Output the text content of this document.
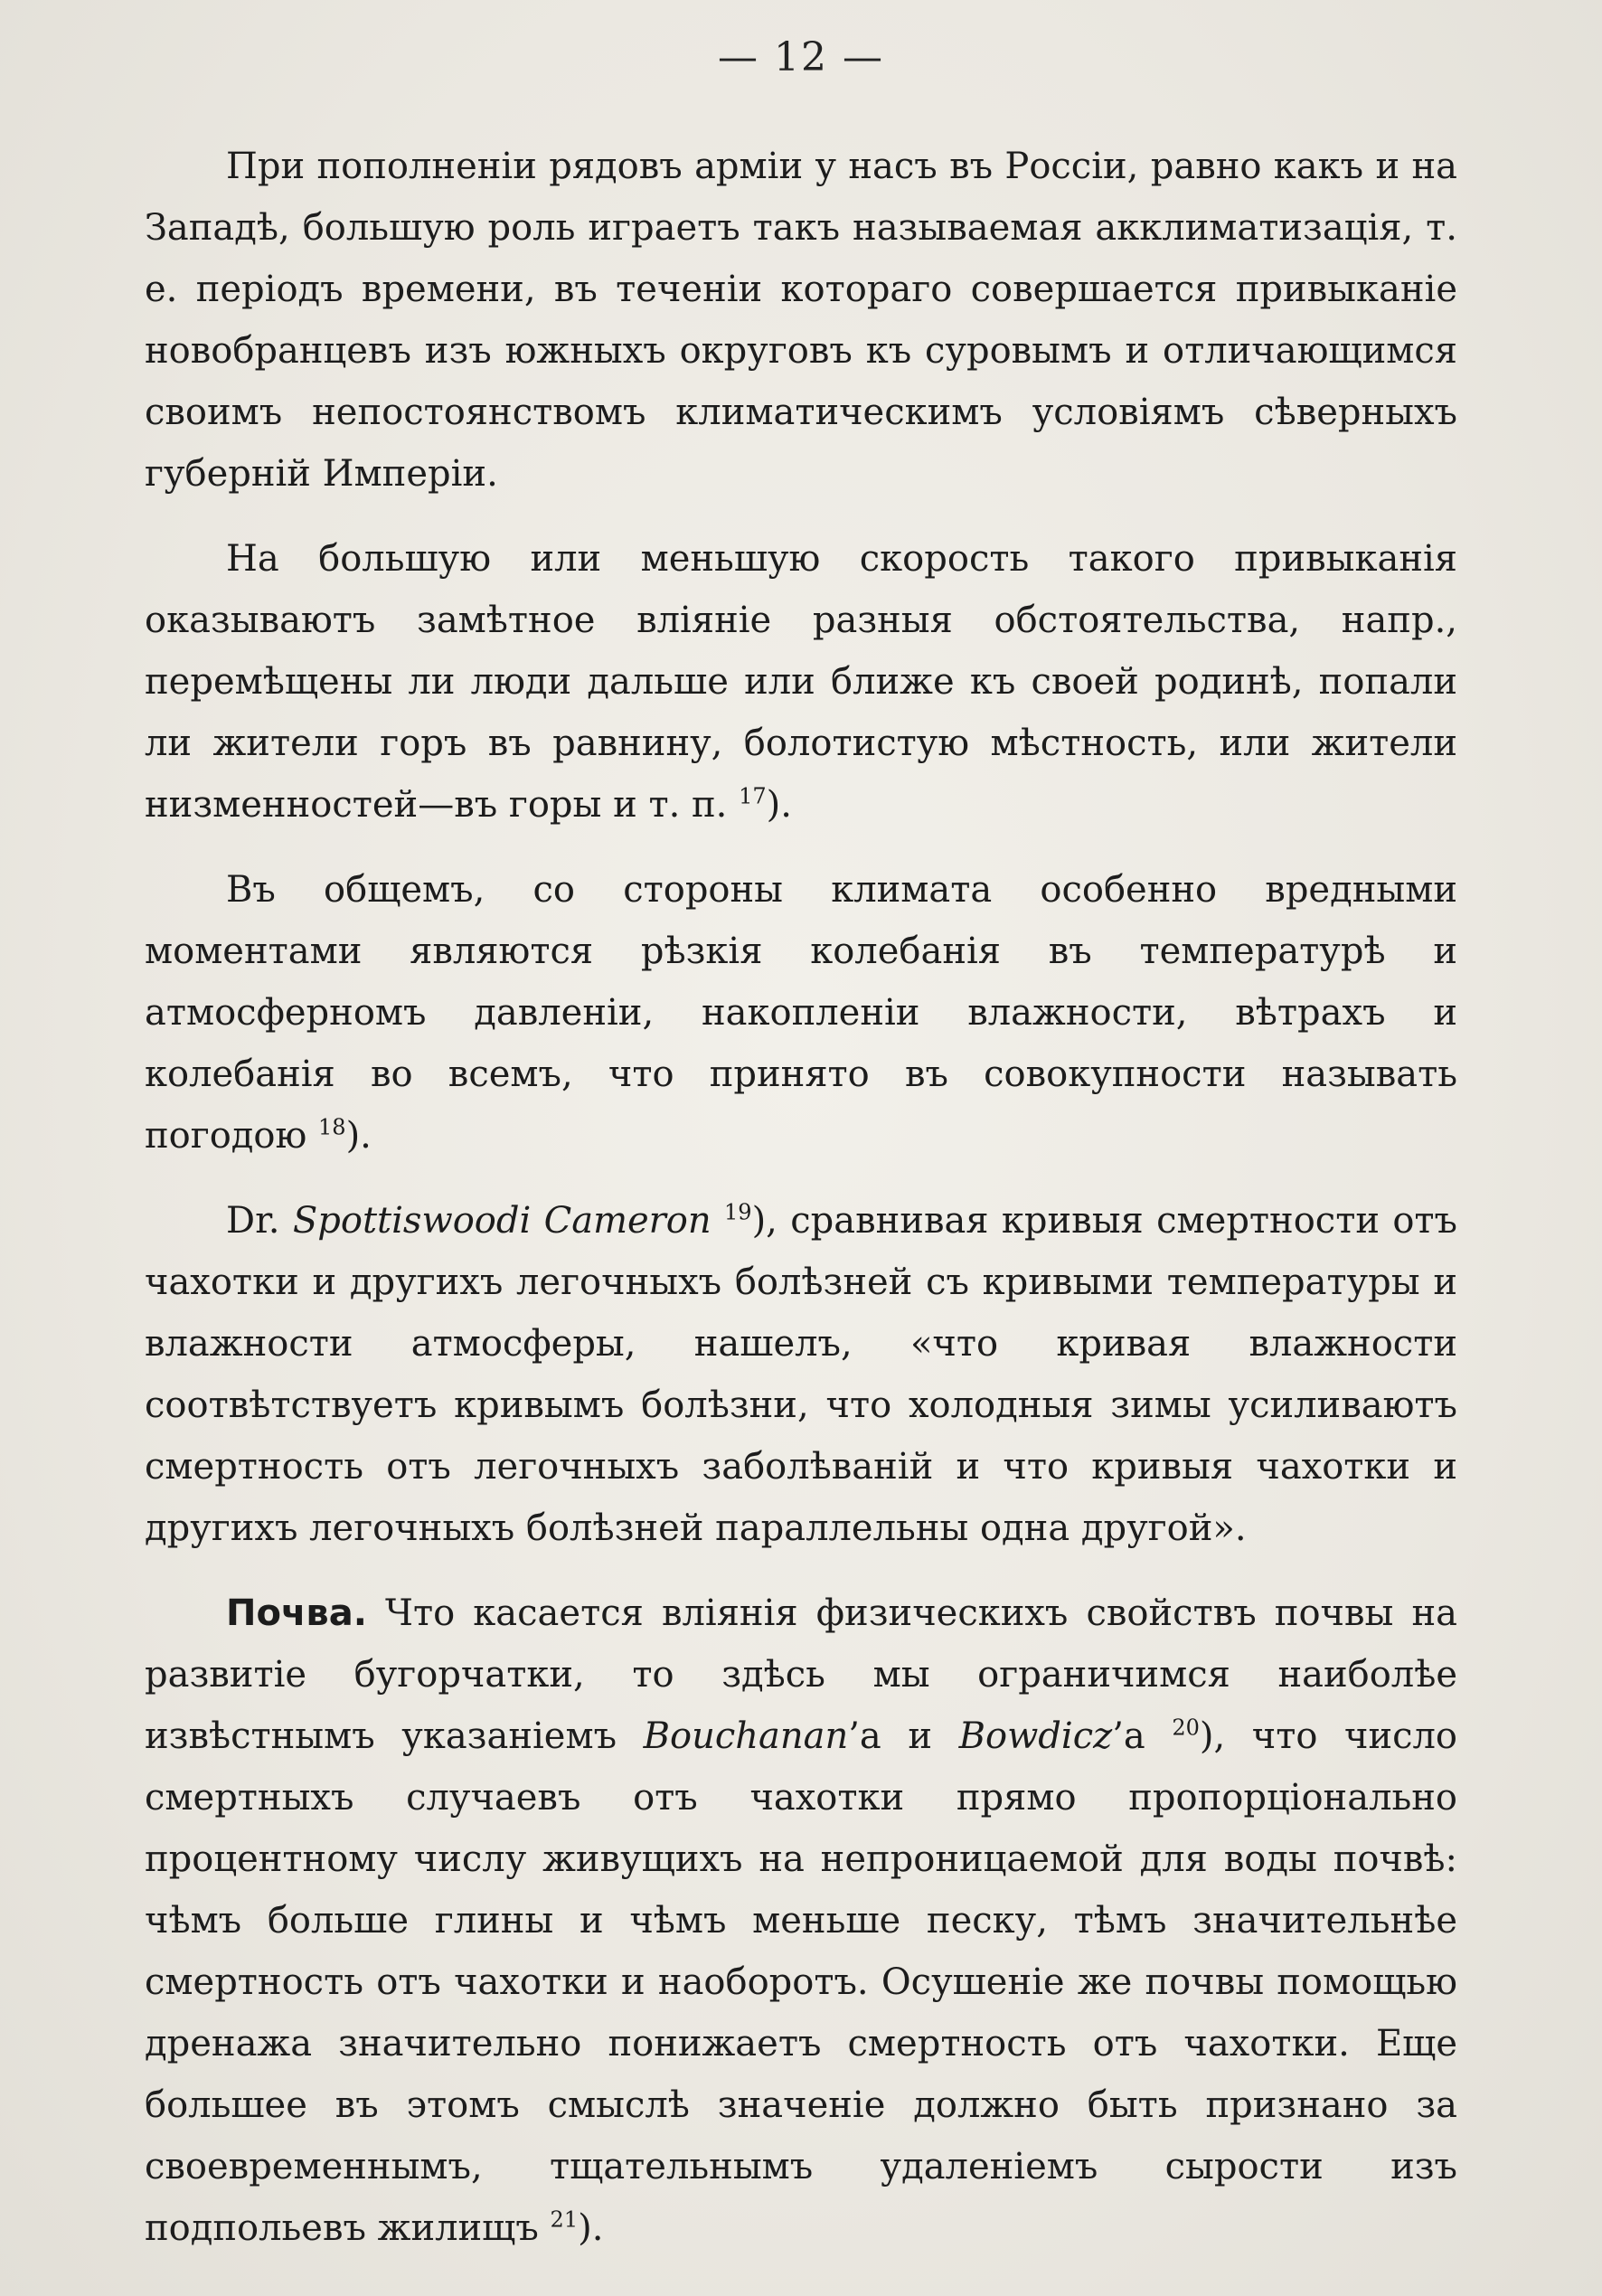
— 12 —

При пополненіи рядовъ арміи у насъ въ Россіи, равно какъ и на Западѣ, большую роль играетъ такъ называемая акклиматизація, т. е. періодъ времени, въ теченіи котораго совершается привыканіе новобранцевъ изъ южныхъ округовъ къ суровымъ и отличающимся своимъ непостоянствомъ климатическимъ условіямъ сѣверныхъ губерній Имперіи.

На большую или меньшую скорость такого привыканія оказываютъ замѣтное вліяніе разныя обстоятельства, напр., перемѣщены ли люди дальше или ближе къ своей родинѣ, попали ли жители горъ въ равнину, болотистую мѣстность, или жители низменностей—въ горы и т. п. $^{17}$).

Въ общемъ, со стороны климата особенно вредными моментами являются рѣзкія колебанія въ температурѣ и атмосферномъ давленіи, накопленіи влажности, вѣтрахъ и колебанія во всемъ, что принято въ совокупности называть погодою $^{18}$).

Dr. Spottiswoodi Cameron $^{19}$), сравнивая кривыя смертности отъ чахотки и другихъ легочныхъ болѣзней съ кривыми температуры и влажности атмосферы, нашелъ, «что кривая влажности соотвѣтствуетъ кривымъ болѣзни, что холодныя зимы усиливаютъ смертность отъ легочныхъ заболѣваній и что кривыя чахотки и другихъ легочныхъ болѣзней параллельны одна другой».

Почва. Что касается вліянія физическихъ свойствъ почвы на развитіе бугорчатки, то здѣсь мы ограничимся наиболѣе извѣстнымъ указаніемъ Bouchanan’а и Bowdicz’а $^{20}$), что число смертныхъ случаевъ отъ чахотки прямо пропорціонально процентному числу живущихъ на непроницаемой для воды почвѣ: чѣмъ больше глины и чѣмъ меньше песку, тѣмъ значительнѣе смертность отъ чахотки и наоборотъ. Осушеніе же почвы помощью дренажа значительно понижаетъ смертность отъ чахотки. Еще большее въ этомъ смыслѣ значеніе должно быть признано за своевременнымъ, тщательнымъ удаленіемъ сырости изъ подпольевъ жилищъ $^{21}$).
